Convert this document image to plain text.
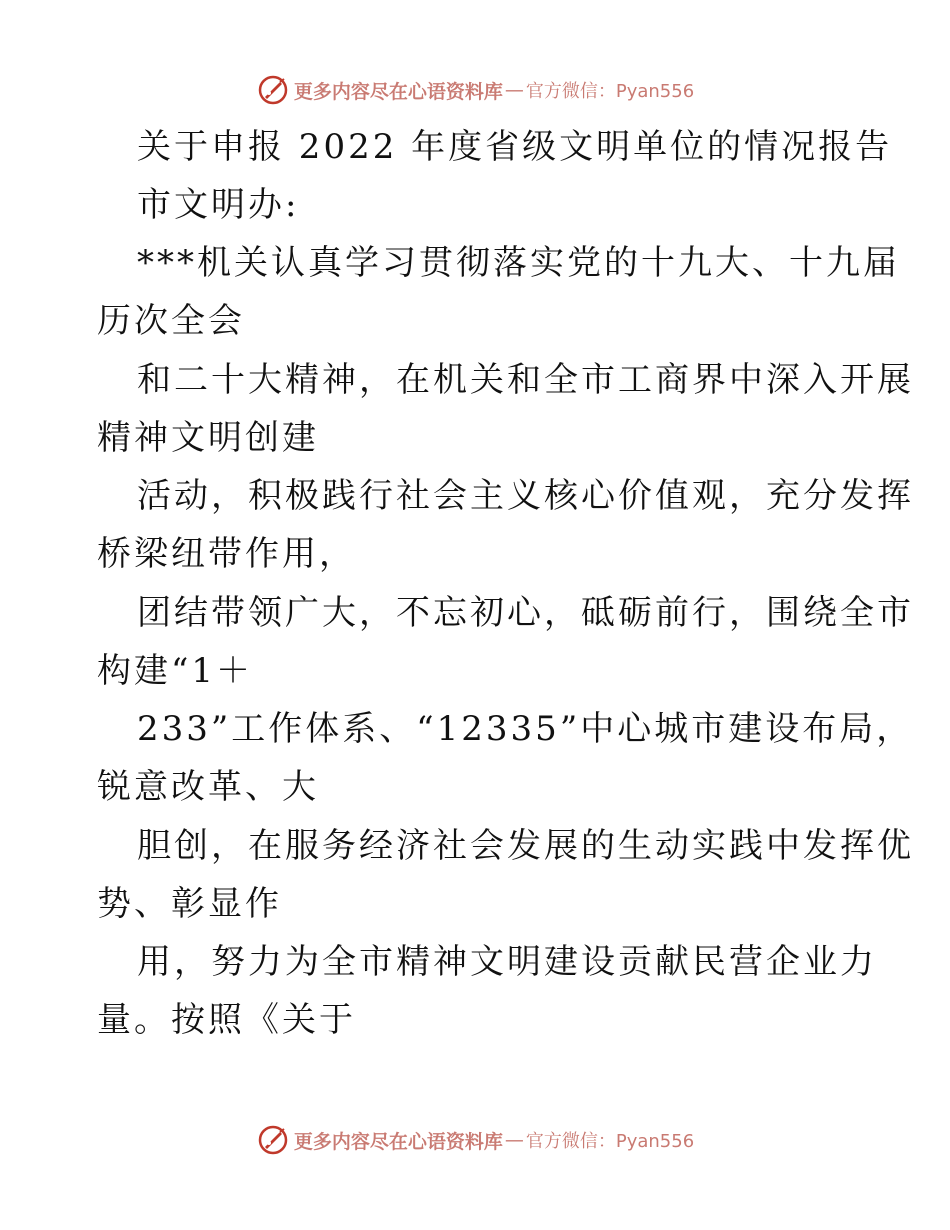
更多内容尽在心语资料库 — 官方微信：Pyan556
关于申报 2022 年度省级文明单位的情况报告
市文明办:
***机关认真学习贯彻落实党的十九大、十九届
历次全会
和二十大精神，在机关和全市工商界中深入开展
精神文明创建
活动，积极践行社会主义核心价值观，充分发挥
桥梁纽带作用，
团结带领广大，不忘初心，砥砺前行，围绕全市
构建“1＋
233”工作体系、“12335”中心城市建设布局，
锐意改革、大
胆创，在服务经济社会发展的生动实践中发挥优
势、彰显作
用，努力为全市精神文明建设贡献民营企业力
量。按照《关于
更多内容尽在心语资料库 — 官方微信：Pyan556
